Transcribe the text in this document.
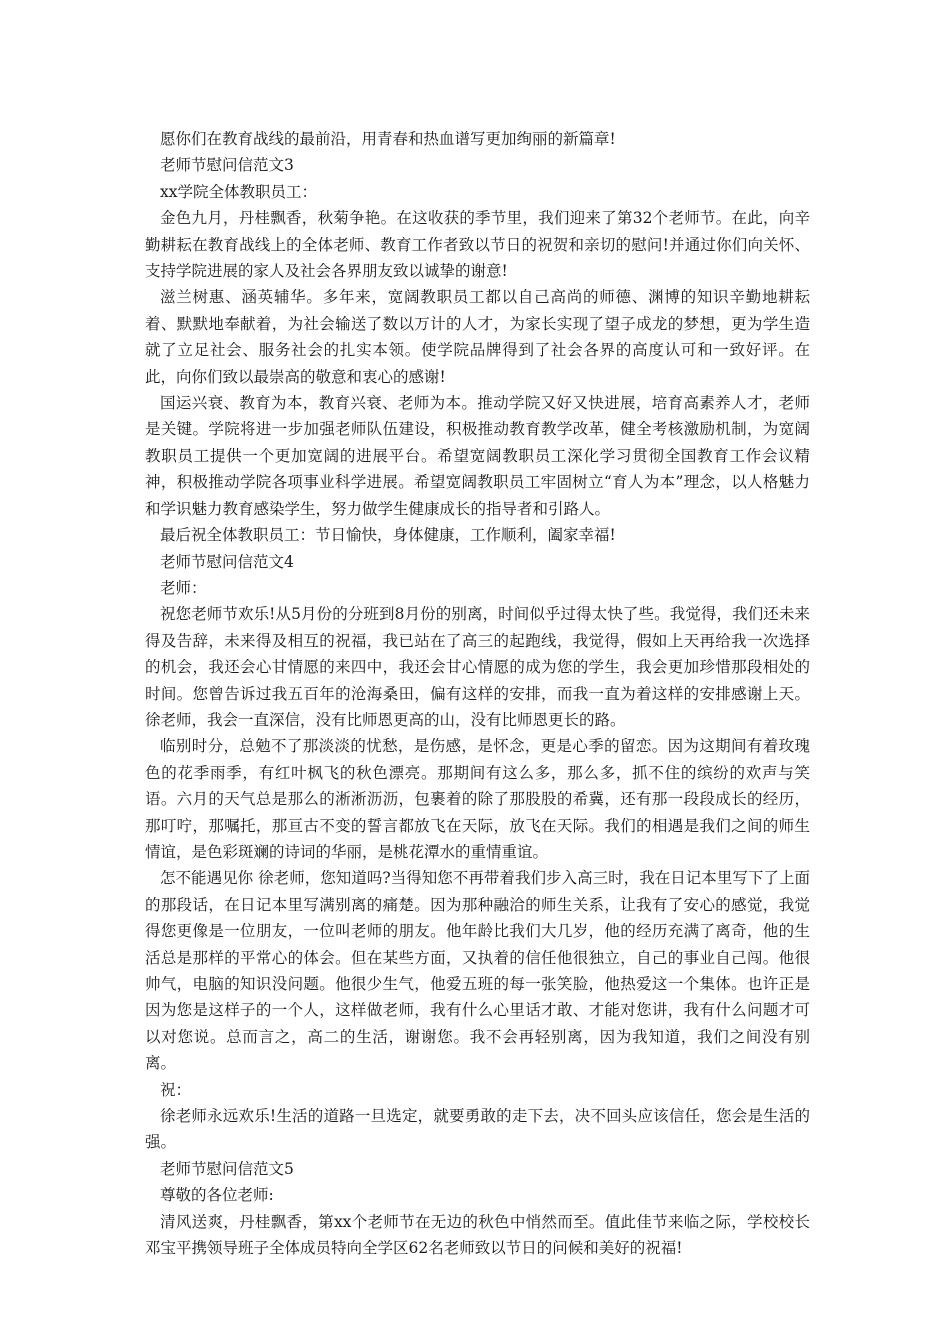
愿你们在教育战线的最前沿，用青春和热血谱写更加绚丽的新篇章!

老师节慰问信范文3

xx学院全体教职员工：

金色九月，丹桂飘香，秋菊争艳。在这收获的季节里，我们迎来了第32个老师节。在此，向辛勤耕耘在教育战线上的全体老师、教育工作者致以节日的祝贺和亲切的慰问!并通过你们向关怀、支持学院进展的家人及社会各界朋友致以诚挚的谢意!

滋兰树惠、涵英辅华。多年来，宽阔教职员工都以自己高尚的师德、渊博的知识辛勤地耕耘着、默默地奉献着，为社会输送了数以万计的人才，为家长实现了望子成龙的梦想，更为学生造就了立足社会、服务社会的扎实本领。使学院品牌得到了社会各界的高度认可和一致好评。在此，向你们致以最崇高的敬意和衷心的感谢!

国运兴衰、教育为本，教育兴衰、老师为本。推动学院又好又快进展，培育高素养人才，老师是关键。学院将进一步加强老师队伍建设，积极推动教育教学改革，健全考核激励机制，为宽阔教职员工提供一个更加宽阔的进展平台。希望宽阔教职员工深化学习贯彻全国教育工作会议精神，积极推动学院各项事业科学进展。希望宽阔教职员工牢固树立“育人为本”理念，以人格魅力和学识魅力教育感染学生，努力做学生健康成长的指导者和引路人。

最后祝全体教职员工：节日愉快，身体健康，工作顺利，阖家幸福!

老师节慰问信范文4

老师：

祝您老师节欢乐!从5月份的分班到8月份的别离，时间似乎过得太快了些。我觉得，我们还未来得及告辞，未来得及相互的祝福，我已站在了高三的起跑线，我觉得，假如上天再给我一次选择的机会，我还会心甘情愿的来四中，我还会甘心情愿的成为您的学生，我会更加珍惜那段相处的时间。您曾告诉过我五百年的沧海桑田，偏有这样的安排，而我一直为着这样的安排感谢上天。徐老师，我会一直深信，没有比师恩更高的山，没有比师恩更长的路。

临别时分，总勉不了那淡淡的忧愁，是伤感，是怀念，更是心季的留恋。因为这期间有着玫瑰色的花季雨季，有红叶枫飞的秋色漂亮。那期间有这么多，那么多，抓不住的缤纷的欢声与笑语。六月的天气总是那么的淅淅沥沥，包裹着的除了那股股的希冀，还有那一段段成长的经历，那叮咛，那嘱托，那亘古不变的誓言都放飞在天际，放飞在天际。我们的相遇是我们之间的师生情谊，是色彩斑斓的诗词的华丽，是桃花潭水的重情重谊。

怎不能遇见你 徐老师，您知道吗?当得知您不再带着我们步入高三时，我在日记本里写下了上面的那段话，在日记本里写满别离的痛楚。因为那种融洽的师生关系，让我有了安心的感觉，我觉得您更像是一位朋友，一位叫老师的朋友。他年龄比我们大几岁，他的经历充满了离奇，他的生活总是那样的平常心的体会。但在某些方面，又执着的信任他很独立，自己的事业自己闯。他很帅气，电脑的知识没问题。他很少生气，他爱五班的每一张笑脸，他热爱这一个集体。也许正是因为您是这样子的一个人，这样做老师，我有什么心里话才敢、才能对您讲，我有什么问题才可以对您说。总而言之，高二的生活，谢谢您。我不会再轻别离，因为我知道，我们之间没有别离。

祝：

徐老师永远欢乐!生活的道路一旦选定，就要勇敢的走下去，决不回头应该信任，您会是生活的强。

老师节慰问信范文5

尊敬的各位老师:

清风送爽，丹桂飘香，第xx个老师节在无边的秋色中悄然而至。值此佳节来临之际，学校校长邓宝平携领导班子全体成员特向全学区62名老师致以节日的问候和美好的祝福!
